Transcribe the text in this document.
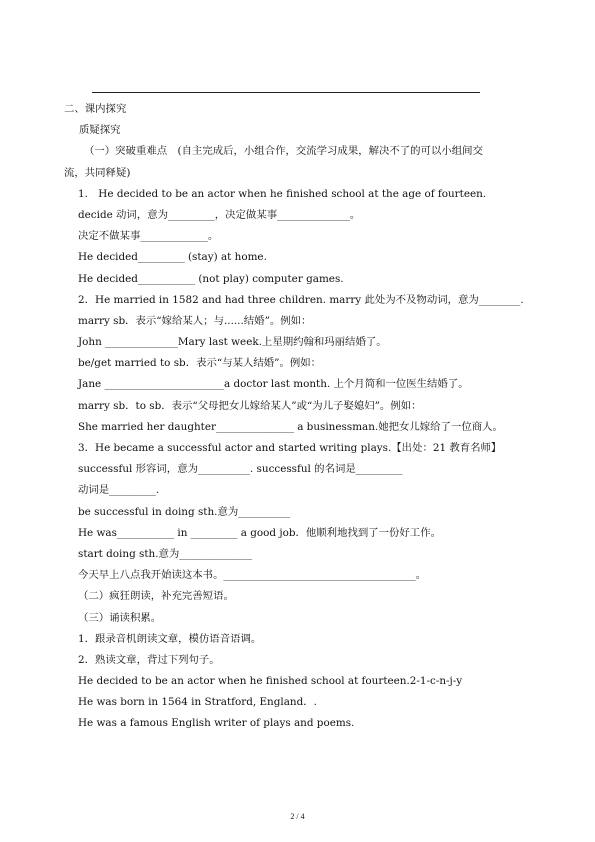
二、课内探究
质疑探究
（一）突破重难点　(自主完成后，小组合作，交流学习成果，解决不了的可以小组间交
流，共同释疑)
1.　He decided to be an actor when he finished school at the age of fourteen.
decide 动词，意为_________，决定做某事______________。
决定不做某事_____________。
He decided_________ (stay) at home.
He decided___________ (not play) computer games.
2．He married in 1582 and had three children. marry 此处为不及物动词，意为________.
marry sb．表示“嫁给某人；与......结婚”。例如：
John ______________Mary last week.上星期约翰和玛丽结婚了。
be/get married to sb．表示“与某人结婚”。例如：
Jane _______________________a doctor last month. 上个月简和一位医生结婚了。
marry sb．to sb．表示“父母把女儿嫁给某人”或“为儿子娶媳妇”。例如：
She married her daughter_______________ a businessman.她把女儿嫁给了一位商人。
3．He became a successful actor and started writing plays.【出处：21 教育名师】
successful 形容词，意为__________. successful 的名词是_________
动词是_________.
be successful in doing sth.意为__________
He was___________ in _________ a good job．他顺利地找到了一份好工作。
start doing sth.意为______________
今天早上八点我开始读这本书。_____________________________________。
（二）疯狂朗读，补充完善短语。
（三）诵读积累。
1．跟录音机朗读文章，模仿语音语调。
2．熟读文章，背过下列句子。
He decided to be an actor when he finished school at fourteen.2-1-c-n-j-y
He was born in 1564 in Stratford, England．.
He was a famous English writer of plays and poems.
2 / 4
